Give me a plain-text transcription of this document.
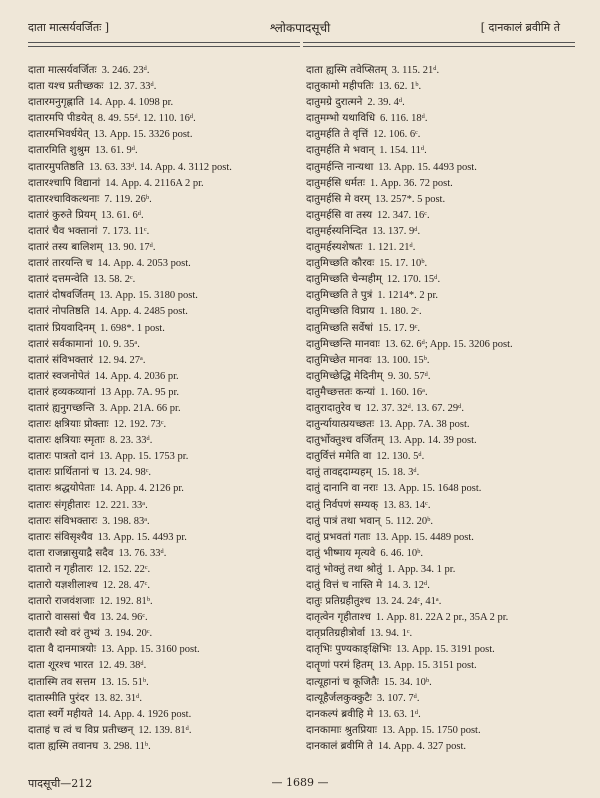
दाता मात्सर्यवर्जितः ]	श्लोकपादसूची	[ दानकालं ब्रवीमि ते
दाता मात्सर्यवर्जितः 3. 246. 23ᵈ.
दाता यश्च प्रतीच्छकः 12. 37. 33ᵈ.
दातारमनुगृह्णाति 14. App. 4. 1098 pr.
दातारमपि पीडयेत् 8. 49. 55ᵈ. 12. 110. 16ᵈ.
दातारमभिवर्धयेत् 13. App. 15. 3326 post.
दातारमिति शुश्रुम 13. 61. 9ᵈ.
दातारमुपतिष्ठति 13. 63. 33ᵈ. 14. App. 4. 3112 post.
दातारश्चापि विद्यानां 14. App. 4. 2116A 2 pr.
दातारश्चाविकत्थनाः 7. 119. 26ᵇ.
दातारं कुरुते प्रियम् 13. 61. 6ᵈ.
दातारं चैव भक्तानां 7. 173. 11ᶜ.
दातारं तस्य बालिशम् 13. 90. 17ᵈ.
दातारं तारयन्ति च 14. App. 4. 2053 post.
दातारं दत्तमन्वेति 13. 58. 2ᶜ.
दातारं दोषवर्जितम् 13. App. 15. 3180 post.
दातारं नोपतिष्ठति 14. App. 4. 2485 post.
दातारं प्रियवादिनम् 1. 698*. 1 post.
दातारं सर्वकामानां 10. 9. 35ᵃ.
दातारं संविभक्तारं 12. 94. 27ᵃ.
दातारं स्वजनोपेतं 14. App. 4. 2036 pr.
दातारं हव्यकव्यानां 13 App. 7A. 95 pr.
दातारं ह्यनुगच्छन्ति 3. App. 21A. 66 pr.
दातारः क्षत्रियाः प्रोक्ताः 12. 192. 73ᶜ.
दातारः क्षत्रियाः स्मृताः 8. 23. 33ᵈ.
दातारः पात्रतो दानं 13. App. 15. 1753 pr.
दातारः प्रार्थितानां च 13. 24. 98ᶜ.
दातारः श्रद्धयोपेताः 14. App. 4. 2126 pr.
दातारः संगृहीतारः 12. 221. 33ᵃ.
दातारः संविभक्तारः 3. 198. 83ᵃ.
दातारः संविसृश्यैव 13. App. 15. 4493 pr.
दाता राजन्नासुयाद्रै सदैव 13. 76. 33ᵈ.
दातारो न गृहीतारः 12. 152. 22ᶜ.
दातारो यज्ञशीलाश्च 12. 28. 47ᶜ.
दातारो राजवंशजाः 12. 192. 81ᵇ.
दातारो वाससां चैव 13. 24. 96ᶜ.
दातारौ स्वो वरं तुभ्यं 3. 194. 20ᶜ.
दाता वै दानमात्रयोः 13. App. 15. 3160 post.
दाता शूरश्च भारत 12. 49. 38ᵈ.
दातास्मि तव सत्तम 13. 15. 51ᵇ.
दातास्मीति पुरंदर 13. 82. 31ᵈ.
दाता स्वर्गे महीयते 14. App. 4. 1926 post.
दाताहं च त्वं च विप्र प्रतीच्छन् 12. 139. 81ᵈ.
दाता ह्यस्मि तवानघ 3. 298. 11ᵇ.
दाता ह्यस्मि तवेप्सितम् 3. 115. 21ᵈ.
दातुकामो महीपतिः 13. 62. 1ᵇ.
दातुमग्रे दुरात्मने 2. 39. 4ᵈ.
दातुमम्भो यथाविधि 6. 116. 18ᵈ.
दातुमर्हति ते वृत्तिं 12. 106. 6ᶜ.
दातुमर्हति मे भवान् 1. 154. 11ᵈ.
दातुमर्हन्ति नान्यथा 13. App. 15. 4493 post.
दातुमर्हसि धर्मतः 1. App. 36. 72 post.
दातुमर्हसि मे वरम् 13. 257*. 5 post.
दातुमर्हसि वा तस्य 12. 347. 16ᶜ.
दातुमर्हस्यनिन्दित 13. 137. 9ᵈ.
दातुमर्हस्यशेषतः 1. 121. 21ᵈ.
दातुमिच्छति कौरवः 15. 17. 10ᵇ.
दातुमिच्छति चेन्महीम् 12. 170. 15ᵈ.
दातुमिच्छति ते पुत्रं 1. 1214*. 2 pr.
दातुमिच्छति विप्राय 1. 180. 2ᶜ.
दातुमिच्छति सर्वेषां 15. 17. 9ᶜ.
दातुमिच्छन्ति मानवाः 13. 62. 6ᵈ; App. 15. 3206 post.
दातुमिच्छेत मानवः 13. 100. 15ᵇ.
दातुमिच्छेद्धि मेदिनीम् 9. 30. 57ᵈ.
दातुमैच्छत्ततः कन्यां 1. 160. 16ᵃ.
दातुरादातुरेव च 12. 37. 32ᵈ. 13. 67. 29ᵈ.
दातुर्न्यायात्प्रयच्छतः 13. App. 7A. 38 post.
दातुर्भोक्तुश्च वर्जितम् 13. App. 14. 39 post.
दातुर्वित्तं ममेति वा 12. 130. 5ᵈ.
दातुं तावद्ददाम्यहम् 15. 18. 3ᵈ.
दातुं दानानि वा नराः 13. App. 15. 1648 post.
दातुं निर्वपणं सम्यक् 13. 83. 14ᶜ.
दातुं पात्रं तथा भवान् 5. 112. 20ᵇ.
दातुं प्रभवतां गताः 13. App. 15. 4489 post.
दातुं भीष्माय मृत्यवे 6. 46. 10ᵇ.
दातुं भोक्तुं तथा श्रोतुं 1. App. 34. 1 pr.
दातुं वित्तं च नास्ति मे 14. 3. 12ᵈ.
दातुः प्रतिग्रहीतुश्च 13. 24. 24ᶜ, 41ᵃ.
दातृत्वेन गृहीताश्च 1. App. 81. 22A 2 pr., 35A 2 pr.
दातृप्रतिग्रहीत्रोर्वा 13. 94. 1ᶜ.
दातृभिः पुण्यकाङ्क्षिभिः 13. App. 15. 3191 post.
दातॄणां परमं हितम् 13. App. 15. 3151 post.
दात्यूहानां च कूजितैः 15. 34. 10ᵇ.
दात्यूहैर्जलकुक्कुटैः 3. 107. 7ᵈ.
दानकल्पं ब्रवीहि मे 13. 63. 1ᵈ.
दानकामाः श्रुतप्रियाः 13. App. 15. 1750 post.
दानकालं ब्रवीमि ते 14. App. 4. 327 post.
पादसूची—212	— 1689 —
